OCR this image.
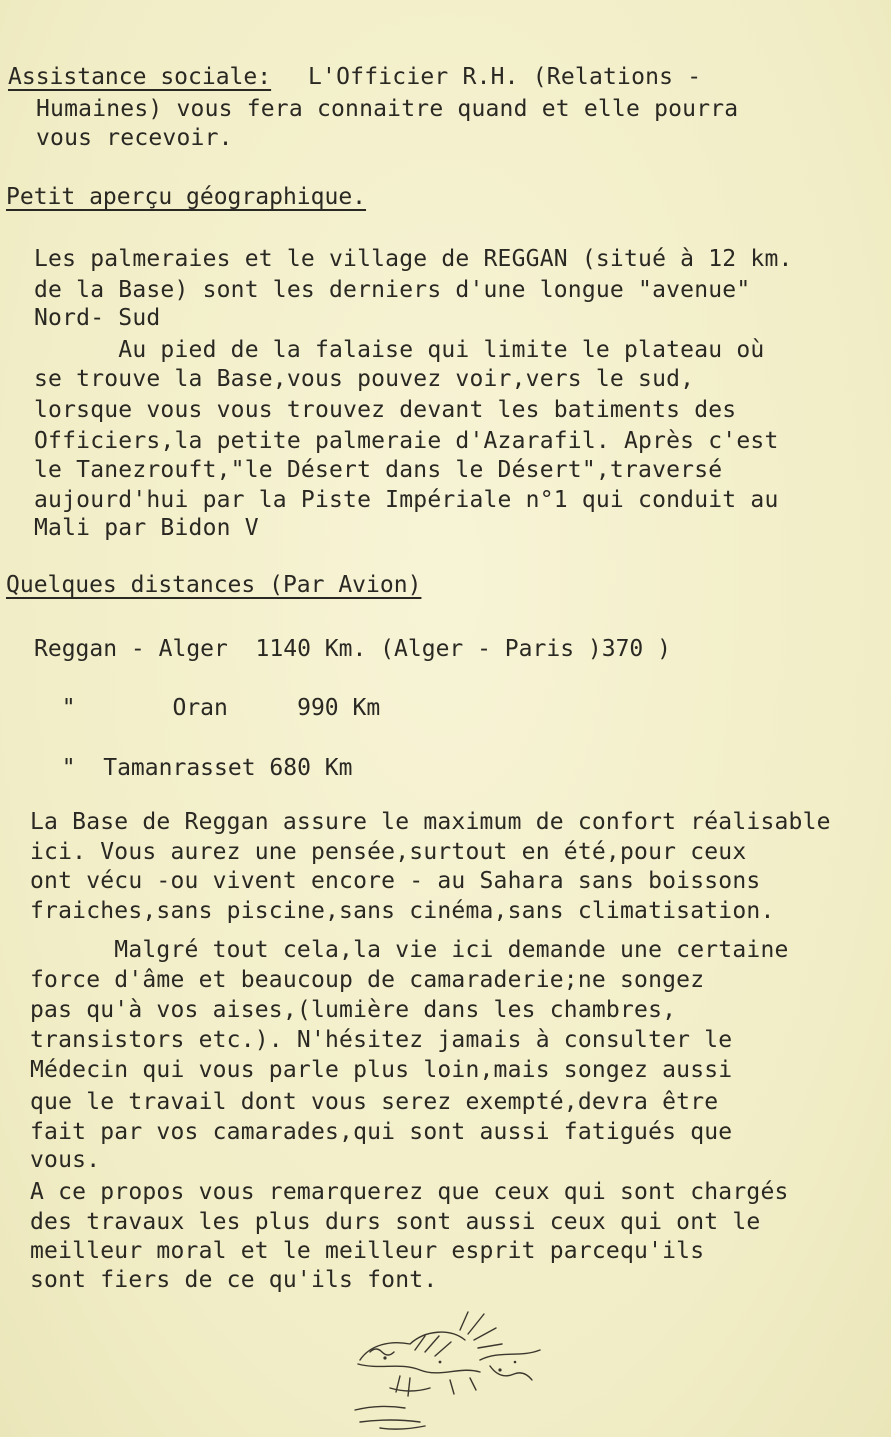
Assistance sociale: L'Officier R.H. (Relations -
Humaines) vous fera connaitre quand et elle pourra
vous recevoir.
Petit aperçu géographique.
Les palmeraies et le village de REGGAN (situé à 12 km.
de la Base) sont les derniers d'une longue "avenue"
Nord- Sud
Au pied de la falaise qui limite le plateau où
se trouve la Base,vous pouvez voir,vers le sud,
lorsque vous vous trouvez devant les batiments des
Officiers,la petite palmeraie d'Azarafil. Après c'est
le Tanezrouft,"le Désert dans le Désert",traversé
aujourd'hui par la Piste Impériale n°1 qui conduit au
Mali par Bidon V
Quelques distances (Par Avion)
Reggan - Alger  1140 Km. (Alger - Paris )370 )
"       Oran     990 Km
"  Tamanrasset 680 Km
La Base de Reggan assure le maximum de confort réalisable
ici. Vous aurez une pensée,surtout en été,pour ceux
ont vécu -ou vivent encore - au Sahara sans boissons
fraiches,sans piscine,sans cinéma,sans climatisation.
Malgré tout cela,la vie ici demande une certaine
force d'âme et beaucoup de camaraderie;ne songez
pas qu'à vos aises,(lumière dans les chambres,
transistors etc.). N'hésitez jamais à consulter le
Médecin qui vous parle plus loin,mais songez aussi
que le travail dont vous serez exempté,devra être
fait par vos camarades,qui sont aussi fatigués que
vous.
A ce propos vous remarquerez que ceux qui sont chargés
des travaux les plus durs sont aussi ceux qui ont le
meilleur moral et le meilleur esprit parcequ'ils
sont fiers de ce qu'ils font.
